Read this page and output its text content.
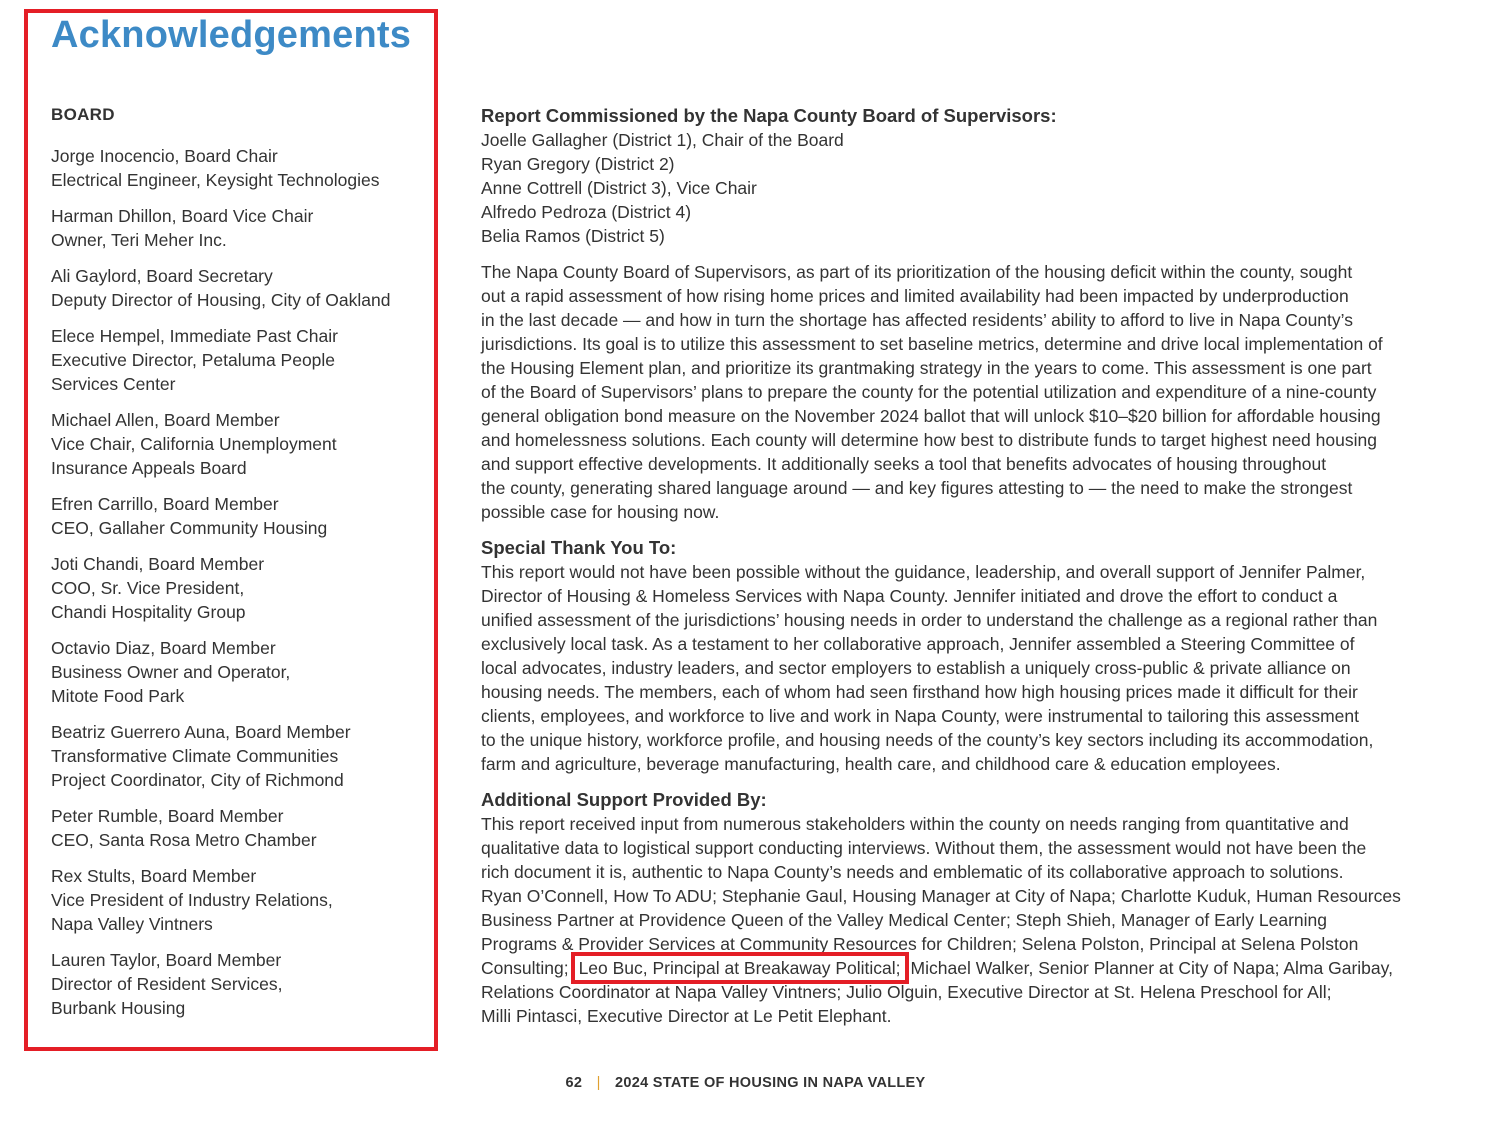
Acknowledgements
BOARD
Jorge Inocencio, Board Chair
Electrical Engineer, Keysight Technologies
Harman Dhillon, Board Vice Chair
Owner, Teri Meher Inc.
Ali Gaylord, Board Secretary
Deputy Director of Housing, City of Oakland
Elece Hempel, Immediate Past Chair
Executive Director, Petaluma People
Services Center
Michael Allen, Board Member
Vice Chair, California Unemployment
Insurance Appeals Board
Efren Carrillo, Board Member
CEO, Gallaher Community Housing
Joti Chandi, Board Member
COO, Sr. Vice President,
Chandi Hospitality Group
Octavio Diaz, Board Member
Business Owner and Operator,
Mitote Food Park
Beatriz Guerrero Auna, Board Member
Transformative Climate Communities
Project Coordinator, City of Richmond
Peter Rumble, Board Member
CEO, Santa Rosa Metro Chamber
Rex Stults, Board Member
Vice President of Industry Relations,
Napa Valley Vintners
Lauren Taylor, Board Member
Director of Resident Services,
Burbank Housing
Report Commissioned by the Napa County Board of Supervisors:
Joelle Gallagher (District 1), Chair of the Board
Ryan Gregory (District 2)
Anne Cottrell (District 3), Vice Chair
Alfredo Pedroza (District 4)
Belia Ramos (District 5)
The Napa County Board of Supervisors, as part of its prioritization of the housing deficit within the county, sought
out a rapid assessment of how rising home prices and limited availability had been impacted by underproduction
in the last decade — and how in turn the shortage has affected residents’ ability to afford to live in Napa County’s
jurisdictions. Its goal is to utilize this assessment to set baseline metrics, determine and drive local implementation of
the Housing Element plan, and prioritize its grantmaking strategy in the years to come. This assessment is one part
of the Board of Supervisors’ plans to prepare the county for the potential utilization and expenditure of a nine-county
general obligation bond measure on the November 2024 ballot that will unlock $10–$20 billion for affordable housing
and homelessness solutions. Each county will determine how best to distribute funds to target highest need housing
and support effective developments. It additionally seeks a tool that benefits advocates of housing throughout
the county, generating shared language around — and key figures attesting to — the need to make the strongest
possible case for housing now.
Special Thank You To:
This report would not have been possible without the guidance, leadership, and overall support of Jennifer Palmer,
Director of Housing & Homeless Services with Napa County. Jennifer initiated and drove the effort to conduct a
unified assessment of the jurisdictions’ housing needs in order to understand the challenge as a regional rather than
exclusively local task. As a testament to her collaborative approach, Jennifer assembled a Steering Committee of
local advocates, industry leaders, and sector employers to establish a uniquely cross-public & private alliance on
housing needs. The members, each of whom had seen firsthand how high housing prices made it difficult for their
clients, employees, and workforce to live and work in Napa County, were instrumental to tailoring this assessment
to the unique history, workforce profile, and housing needs of the county’s key sectors including its accommodation,
farm and agriculture, beverage manufacturing, health care, and childhood care & education employees.
Additional Support Provided By:
This report received input from numerous stakeholders within the county on needs ranging from quantitative and
qualitative data to logistical support conducting interviews. Without them, the assessment would not have been the
rich document it is, authentic to Napa County’s needs and emblematic of its collaborative approach to solutions.
Ryan O’Connell, How To ADU; Stephanie Gaul, Housing Manager at City of Napa; Charlotte Kuduk, Human Resources
Business Partner at Providence Queen of the Valley Medical Center; Steph Shieh, Manager of Early Learning
Programs & Provider Services at Community Resources for Children; Selena Polston, Principal at Selena Polston
Consulting; Leo Buc, Principal at Breakaway Political; Michael Walker, Senior Planner at City of Napa; Alma Garibay,
Relations Coordinator at Napa Valley Vintners; Julio Olguin, Executive Director at St. Helena Preschool for All;
Milli Pintasci, Executive Director at Le Petit Elephant.
62 | 2024 STATE OF HOUSING IN NAPA VALLEY
